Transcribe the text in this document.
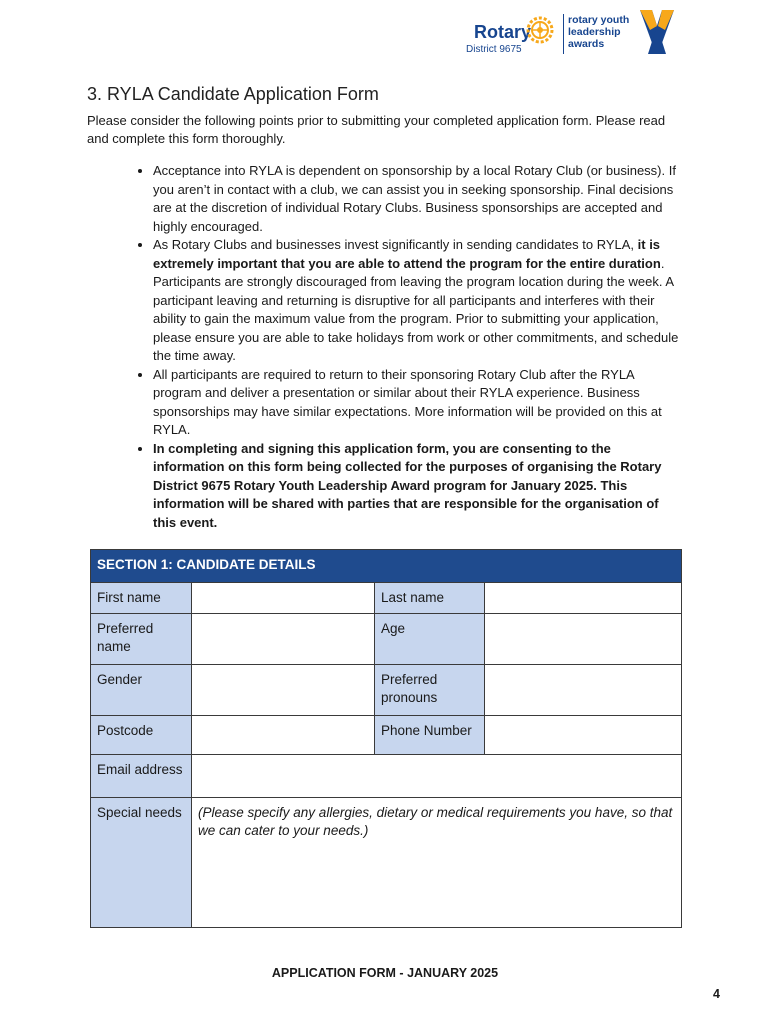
Rotary
District 9675
rotary youth
leadership
awards
3. RYLA Candidate Application Form

Please consider the following points prior to submitting your completed application form. Please read and complete this form thoroughly.

• Acceptance into RYLA is dependent on sponsorship by a local Rotary Club (or business). If you aren’t in contact with a club, we can assist you in seeking sponsorship. Final decisions are at the discretion of individual Rotary Clubs. Business sponsorships are accepted and highly encouraged.
• As Rotary Clubs and businesses invest significantly in sending candidates to RYLA, it is extremely important that you are able to attend the program for the entire duration. Participants are strongly discouraged from leaving the program location during the week. A participant leaving and returning is disruptive for all participants and interferes with their ability to gain the maximum value from the program. Prior to submitting your application, please ensure you are able to take holidays from work or other commitments, and schedule the time away.
• All participants are required to return to their sponsoring Rotary Club after the RYLA program and deliver a presentation or similar about their RYLA experience. Business sponsorships may have similar expectations. More information will be provided on this at RYLA.
• In completing and signing this application form, you are consenting to the information on this form being collected for the purposes of organising the Rotary District 9675 Rotary Youth Leadership Award program for January 2025. This information will be shared with parties that are responsible for the organisation of this event.
SECTION 1: CANDIDATE DETAILS			
First name		Last name	
Preferred name		Age	
Gender		Preferred pronouns	
Postcode		Phone Number	
Email address			
Special needs	(Please specify any allergies, dietary or medical requirements you have, so that we can cater to your needs.)		
APPLICATION FORM - JANUARY 2025
4
